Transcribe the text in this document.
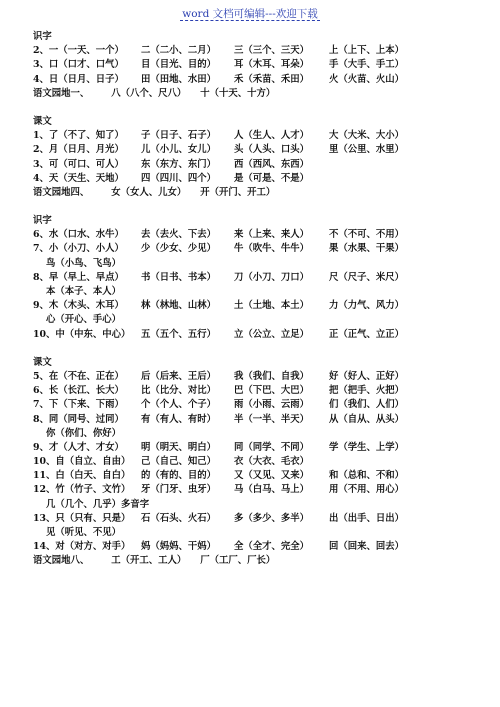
word 文档可编辑---欢迎下载
识字
2、一（一天、一个）	二（二小、二月）	三（三个、三天）	上（上下、上本）
3、口（口才、口气）	目（目光、目的）	耳（木耳、耳朵）	手（大手、手工）
4、日（日月、日子）	田（田地、水田）	禾（禾苗、禾田）	火（火苗、火山）
语文园地一、 八（八个、尺八） 十（十天、十方）
课文
1、了（不了、知了）	子（日子、石子）	人（生人、人才）	大（大米、大小）
2、月（日月、月光）	儿（小儿、女儿）	头（人头、口头）	里（公里、水里）
3、可（可口、可人）	东（东方、东门）	西（西风、东西）
4、天（天生、天地）	四（四川、四个）	是（可是、不是）
语文园地四、 女（女人、儿女） 开（开门、开工）
识字
6、水（口水、水牛）	去（去火、下去）	来（上来、来人）	不（不可、不用）
7、小（小刀、小人）	少（少女、少见）	牛（吹牛、牛牛）	果（水果、干果）
鸟（小鸟、飞鸟）
8、早（早上、早点）	书（日书、书本）	刀（小刀、刀口）	尺（尺子、米尺）
本（本子、本人）
9、木（木头、木耳）	林（林地、山林）	土（土地、本土）	力（力气、风力）
心（开心、手心）
10、中（中东、中心）	五（五个、五行）	立（公立、立足）	正（正气、立正）
课文
5、在（不在、正在）	后（后来、王后）	我（我们、自我）	好（好人、正好）
6、长（长江、长大）	比（比分、对比）	巴（下巴、大巴）	把（把手、火把）
7、下（下来、下雨）	个（个人、个子）	雨（小雨、云雨）	们（我们、人们）
8、同（同号、过同）	有（有人、有时）	半（一半、半天）	从（自从、从头）
你（你们、你好）
9、才（人才、才女）	明（明天、明白）	同（同学、不同）	学（学生、上学）
10、自（自立、自由）	己（自己、知己）	衣（大衣、毛衣）
11、白（白天、自白）	的（有的、目的）	又（又见、又来）	和（总和、不和）
12、竹（竹子、文竹）	牙（门牙、虫牙）	马（白马、马上）	用（不用、用心）
几（几个、几乎）多音字
13、只（只有、只是）	石（石头、火石）	多（多少、多半）	出（出手、日出）
见（听见、不见）
14、对（对方、对手）	妈（妈妈、干妈）	全（全才、完全）	回（回来、回去）
语文园地八、 工（开工、工人） 厂（工厂、厂长）
